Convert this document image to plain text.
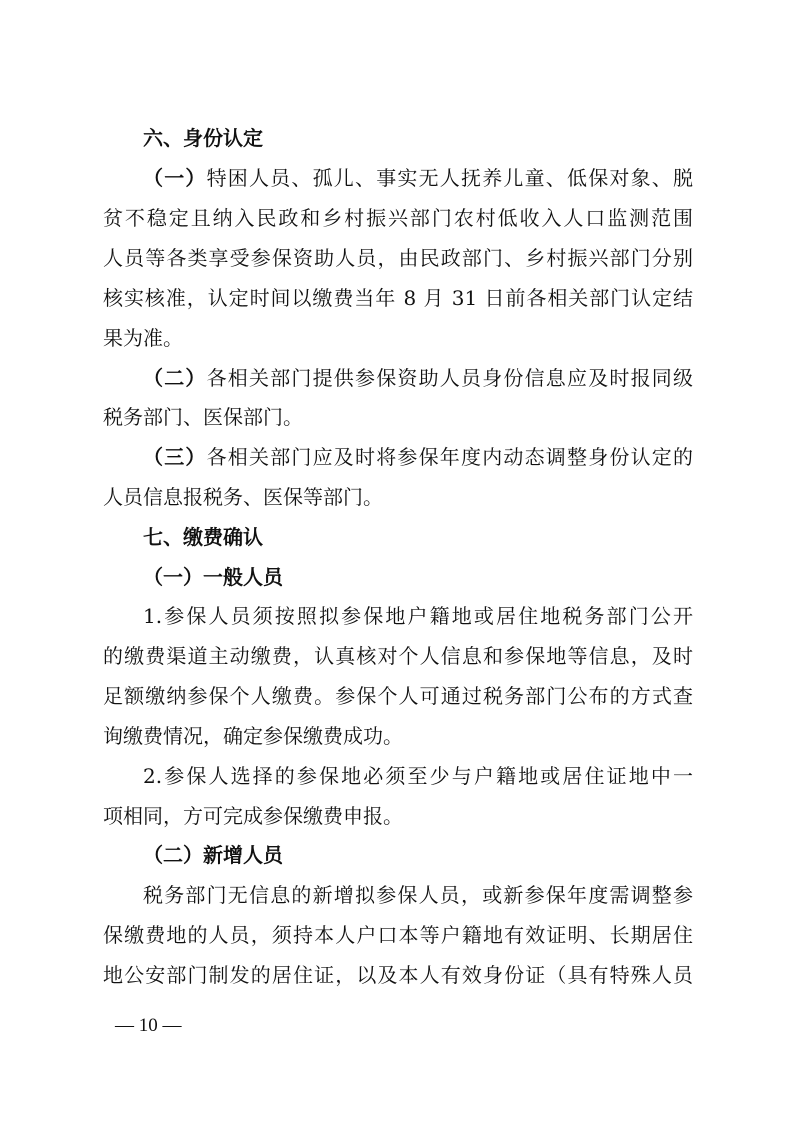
六、身份认定
（一）特困人员、孤儿、事实无人抚养儿童、低保对象、脱
贫不稳定且纳入民政和乡村振兴部门农村低收入人口监测范围
人员等各类享受参保资助人员，由民政部门、乡村振兴部门分别
核实核准，认定时间以缴费当年 8 月 31 日前各相关部门认定结
果为准。
（二）各相关部门提供参保资助人员身份信息应及时报同级
税务部门、医保部门。
（三）各相关部门应及时将参保年度内动态调整身份认定的
人员信息报税务、医保等部门。
七、缴费确认
（一）一般人员
1.参保人员须按照拟参保地户籍地或居住地税务部门公开
的缴费渠道主动缴费，认真核对个人信息和参保地等信息，及时
足额缴纳参保个人缴费。参保个人可通过税务部门公布的方式查
询缴费情况，确定参保缴费成功。
2.参保人选择的参保地必须至少与户籍地或居住证地中一
项相同，方可完成参保缴费申报。
（二）新增人员
税务部门无信息的新增拟参保人员，或新参保年度需调整参
保缴费地的人员，须持本人户口本等户籍地有效证明、长期居住
地公安部门制发的居住证，以及本人有效身份证（具有特殊人员
— 10 —
